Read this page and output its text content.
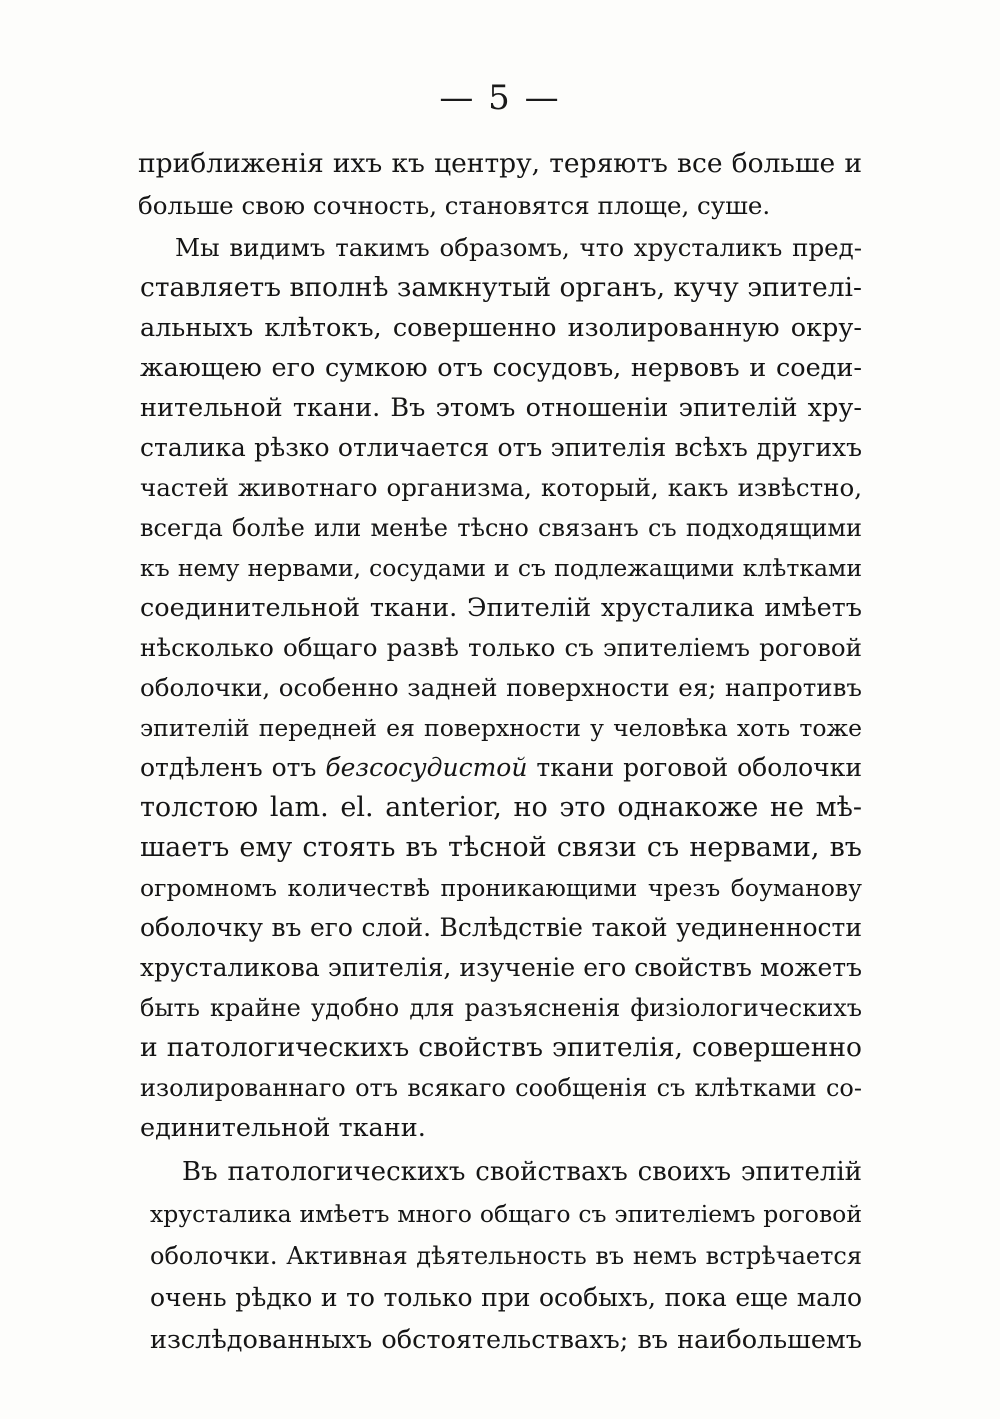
— 5 —
приближенія ихъ къ центру, теряютъ все больше и
больше свою сочность, становятся площе, суше.
Мы видимъ такимъ образомъ, что хрусталикъ пред-
ставляетъ вполнѣ замкнутый органъ, кучу эпителі-
альныхъ клѣтокъ, совершенно изолированную окру-
жающею его сумкою отъ сосудовъ, нервовъ и соеди-
нительной ткани. Въ этомъ отношеніи эпителій хру-
сталика рѣзко отличается отъ эпителія всѣхъ другихъ
частей животнаго организма, который, какъ извѣстно,
всегда болѣе или менѣе тѣсно связанъ съ подходящими
къ нему нервами, сосудами и съ подлежащими клѣтками
соединительной ткани. Эпителій хрусталика имѣетъ
нѣсколько общаго развѣ только съ эпителіемъ роговой
оболочки, особенно задней поверхности ея; напротивъ
эпителій передней ея поверхности у человѣка хоть тоже
отдѣленъ отъ безсосудистой ткани роговой оболочки
толстою lam. el. anterior, но это однакоже не мѣ-
шаетъ ему стоять въ тѣсной связи съ нервами, въ
огромномъ количествѣ проникающими чрезъ боуманову
оболочку въ его слой. Вслѣдствіе такой уединенности
хрусталикова эпителія, изученіе его свойствъ можетъ
быть крайне удобно для разъясненія физіологическихъ
и патологическихъ свойствъ эпителія, совершенно
изолированнаго отъ всякаго сообщенія съ клѣтками со-
единительной ткани.
Въ патологическихъ свойствахъ своихъ эпителій
хрусталика имѣетъ много общаго съ эпителіемъ роговой
оболочки. Активная дѣятельность въ немъ встрѣчается
очень рѣдко и то только при особыхъ, пока еще мало
изслѣдованныхъ обстоятельствахъ; въ наибольшемъ
